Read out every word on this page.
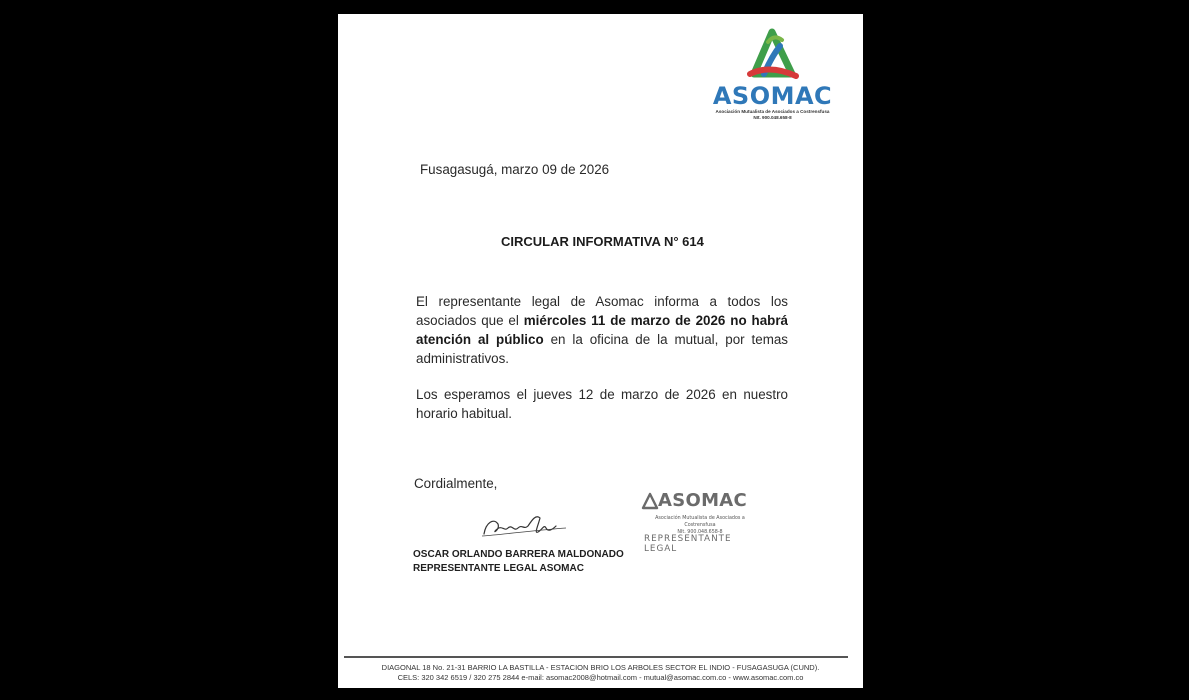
ASOMAC
Asociación Mutualista de Asociados a Costrensfusa
NIt. 900.048.658-8
Fusagasugá, marzo 09 de 2026
CIRCULAR INFORMATIVA N° 614
El representante legal de Asomac informa a todos los asociados que el miércoles 11 de marzo de 2026 no habrá atención al público en la oficina de la mutual, por temas administrativos.
Los esperamos el jueves 12 de marzo de 2026 en nuestro horario habitual.
Cordialmente,
OSCAR ORLANDO BARRERA MALDONADO
REPRESENTANTE LEGAL ASOMAC
ASOMAC
Asociación Mutualista de Asociados a Costrensfusa
NIt. 900.048.658-8
REPRESENTANTE LEGAL
DIAGONAL 18 No. 21-31 BARRIO LA BASTILLA - ESTACION BRIO LOS ARBOLES SECTOR EL INDIO - FUSAGASUGA (CUND).
CELS: 320 342 6519 / 320 275 2844 e-mail: asomac2008@hotmail.com - mutual@asomac.com.co - www.asomac.com.co
